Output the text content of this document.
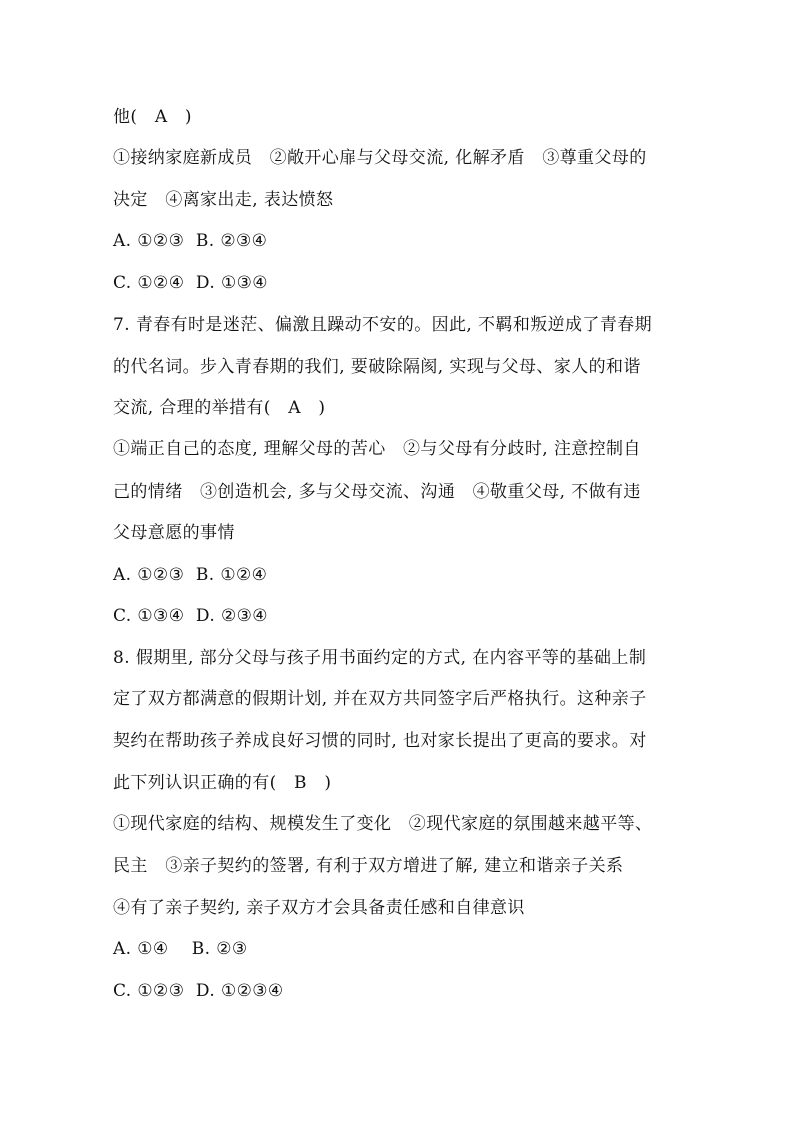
他(   A   )
①接纳家庭新成员   ②敞开心扉与父母交流, 化解矛盾   ③尊重父母的
决定   ④离家出走, 表达愤怒
A. ①②③  B. ②③④
C. ①②④  D. ①③④
7. 青春有时是迷茫、偏激且躁动不安的。因此, 不羁和叛逆成了青春期
的代名词。步入青春期的我们, 要破除隔阂, 实现与父母、家人的和谐
交流, 合理的举措有(   A   )
①端正自己的态度, 理解父母的苦心   ②与父母有分歧时, 注意控制自
己的情绪   ③创造机会, 多与父母交流、沟通   ④敬重父母, 不做有违
父母意愿的事情
A. ①②③  B. ①②④
C. ①③④  D. ②③④
8. 假期里, 部分父母与孩子用书面约定的方式, 在内容平等的基础上制
定了双方都满意的假期计划, 并在双方共同签字后严格执行。这种亲子
契约在帮助孩子养成良好习惯的同时, 也对家长提出了更高的要求。对
此下列认识正确的有(   B   )
①现代家庭的结构、规模发生了变化   ②现代家庭的氛围越来越平等、
民主   ③亲子契约的签署, 有利于双方增进了解, 建立和谐亲子关系
④有了亲子契约, 亲子双方才会具备责任感和自律意识
A. ①④    B. ②③
C. ①②③  D. ①②③④
